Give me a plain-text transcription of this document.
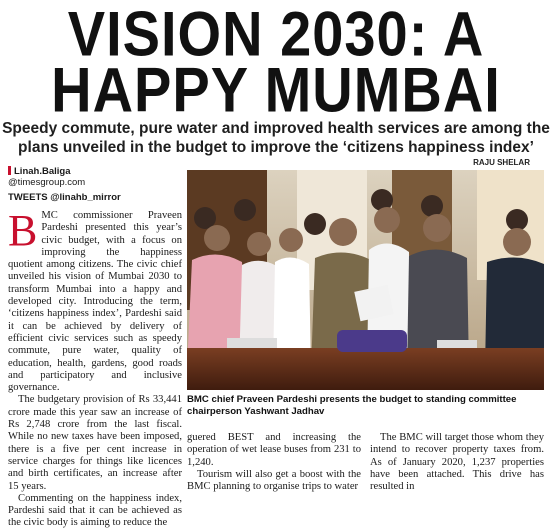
VISION 2030: A
HAPPY MUMBAI
Speedy commute, pure water and improved health services are among the
plans unveiled in the budget to improve the ‘citizens happiness index’
RAJU SHELAR
Linah.Baliga
@timesgroup.com
TWEETS @linahb_mirror

BMC commissioner Praveen Pardeshi presented this year’s civic budget, with a focus on improving the happiness quotient among citizens. The civic chief unveiled his vision of Mumbai 2030 to transform Mumbai into a happy and developed city. Introducing the term, ‘citizens happiness index’, Pardeshi said it can be achieved by delivery of efficient civic services such as speedy commute, pure water, quality of education, health, gardens, good roads and participatory and inclusive governance.

The budgetary provision of Rs 33,441 crore made this year saw an increase of Rs 2,748 crore from the last fiscal. While no new taxes have been imposed, there is a five per cent increase in service charges for things like licences and birth certificates, an increase after 15 years.

Commenting on the happiness index, Pardeshi said that it can be achieved as the civic body is aiming to reduce the

BMC chief Praveen Pardeshi presents the budget to standing committee chairperson Yashwant Jadhav

guered BEST and increasing the operation of wet lease buses from 231 to 1,240.

Tourism will also get a boost with the BMC planning to organise trips to water

The BMC will target those whom they intend to recover property taxes from. As of January 2020, 1,237 properties have been attached. This drive has resulted in
